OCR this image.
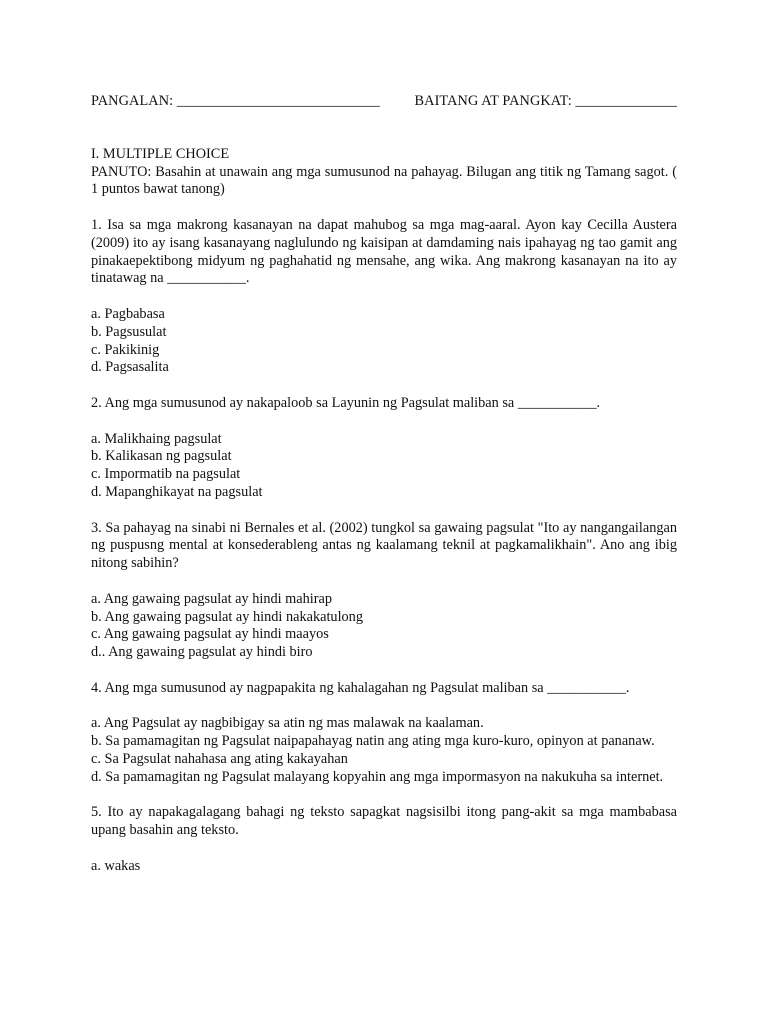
PANGALAN: ____________________________ BAITANG AT PANGKAT: ______________
I. MULTIPLE CHOICE
PANUTO: Basahin at unawain ang mga sumusunod na pahayag. Bilugan ang titik ng Tamang sagot. ( 1 puntos bawat tanong)
1. Isa sa mga makrong kasanayan na dapat mahubog sa mga mag-aaral. Ayon kay Cecilla Austera (2009) ito ay isang kasanayang naglulundo ng kaisipan at damdaming nais ipahayag ng tao gamit ang pinakaepektibong midyum ng paghahatid ng mensahe, ang wika. Ang makrong kasanayan na ito ay tinatawag na ___________.
a. Pagbabasa
b. Pagsusulat
c. Pakikinig
d. Pagsasalita
2. Ang mga sumusunod ay nakapaloob sa Layunin ng Pagsulat maliban sa ___________.
a. Malikhaing pagsulat
b. Kalikasan ng pagsulat
c. Impormatib na pagsulat
d. Mapanghikayat na pagsulat
3. Sa pahayag na sinabi ni Bernales et al. (2002) tungkol sa gawaing pagsulat "Ito ay nangangailangan ng puspusng mental at konsederableng antas ng kaalamang teknil at pagkamalikhain". Ano ang ibig nitong sabihin?
a. Ang gawaing pagsulat ay hindi mahirap
b. Ang gawaing pagsulat ay hindi nakakatulong
c. Ang gawaing pagsulat ay hindi maayos
d.. Ang gawaing pagsulat ay hindi biro
4. Ang mga sumusunod ay nagpapakita ng kahalagahan ng Pagsulat maliban sa ___________.
a. Ang Pagsulat ay nagbibigay sa atin ng mas malawak na kaalaman.
b. Sa pamamagitan ng Pagsulat naipapahayag natin ang ating mga kuro-kuro, opinyon at pananaw.
c. Sa Pagsulat nahahasa ang ating kakayahan
d. Sa pamamagitan ng Pagsulat malayang kopyahin ang mga impormasyon na nakukuha sa internet.
5. Ito ay napakagalagang bahagi ng teksto sapagkat nagsisilbi itong pang-akit sa mga mambabasa upang basahin ang teksto.
a. wakas
